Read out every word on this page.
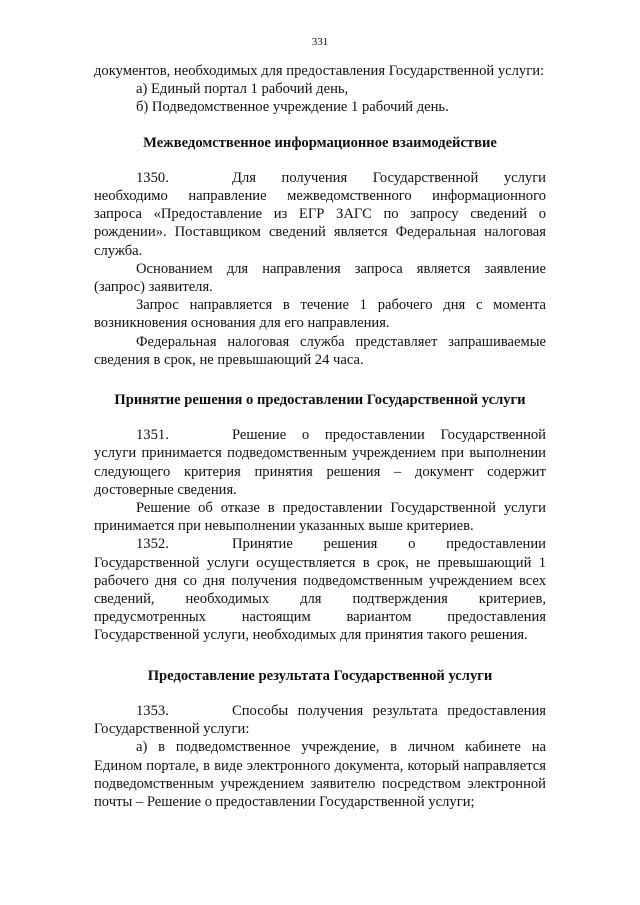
331

документов, необходимых для предоставления Государственной услуги:

а) Единый портал 1 рабочий день,

б) Подведомственное учреждение 1 рабочий день.

Межведомственное информационное взаимодействие

1350.	Для получения Государственной услуги необходимо направление межведомственного информационного запроса «Предоставление из ЕГР ЗАГС по запросу сведений о рождении». Поставщиком сведений является Федеральная налоговая служба.

Основанием для направления запроса является заявление (запрос) заявителя.

Запрос направляется в течение 1 рабочего дня с момента возникновения основания для его направления.

Федеральная налоговая служба представляет запрашиваемые сведения в срок, не превышающий 24 часа.

Принятие решения о предоставлении Государственной услуги

1351.	Решение о предоставлении Государственной услуги принимается подведомственным учреждением при выполнении следующего критерия принятия решения – документ содержит достоверные сведения.

Решение об отказе в предоставлении Государственной услуги принимается при невыполнении указанных выше критериев.

1352.	Принятие решения о предоставлении Государственной услуги осуществляется в срок, не превышающий 1 рабочего дня со дня получения подведомственным учреждением всех сведений, необходимых для подтверждения критериев, предусмотренных настоящим вариантом предоставления Государственной услуги, необходимых для принятия такого решения.

Предоставление результата Государственной услуги

1353.	Способы получения результата предоставления Государственной услуги:

а) в подведомственное учреждение, в личном кабинете на Едином портале, в виде электронного документа, который направляется подведомственным учреждением заявителю посредством электронной почты – Решение о предоставлении Государственной услуги;
